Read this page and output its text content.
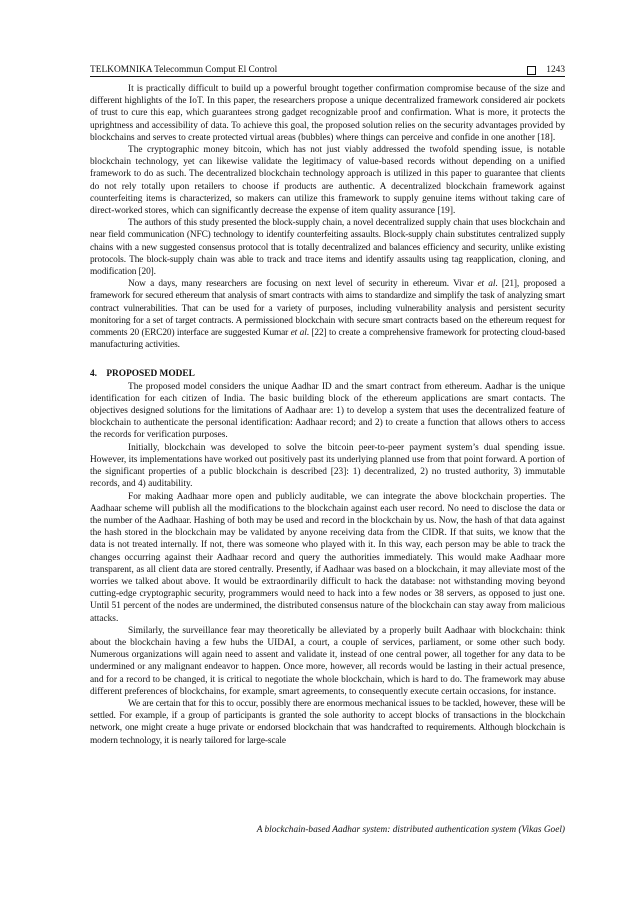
TELKOMNIKA Telecommun Comput El Control	1243

It is practically difficult to build up a powerful brought together confirmation compromise because of the size and different highlights of the IoT. In this paper, the researchers propose a unique decentralized framework considered air pockets of trust to cure this eap, which guarantees strong gadget recognizable proof and confirmation. What is more, it protects the uprightness and accessibility of data. To achieve this goal, the proposed solution relies on the security advantages provided by blockchains and serves to create protected virtual areas (bubbles) where things can perceive and confide in one another [18].

The cryptographic money bitcoin, which has not just viably addressed the twofold spending issue, is notable blockchain technology, yet can likewise validate the legitimacy of value-based records without depending on a unified framework to do as such. The decentralized blockchain technology approach is utilized in this paper to guarantee that clients do not rely totally upon retailers to choose if products are authentic. A decentralized blockchain framework against counterfeiting items is characterized, so makers can utilize this framework to supply genuine items without taking care of direct-worked stores, which can significantly decrease the expense of item quality assurance [19].

The authors of this study presented the block-supply chain, a novel decentralized supply chain that uses blockchain and near field communication (NFC) technology to identify counterfeiting assaults. Block-supply chain substitutes centralized supply chains with a new suggested consensus protocol that is totally decentralized and balances efficiency and security, unlike existing protocols. The block-supply chain was able to track and trace items and identify assaults using tag reapplication, cloning, and modification [20].

Now a days, many researchers are focusing on next level of security in ethereum. Vivar et al. [21], proposed a framework for secured ethereum that analysis of smart contracts with aims to standardize and simplify the task of analyzing smart contract vulnerabilities. That can be used for a variety of purposes, including vulnerability analysis and persistent security monitoring for a set of target contracts. A permissioned blockchain with secure smart contracts based on the ethereum request for comments 20 (ERC20) interface are suggested Kumar et al. [22] to create a comprehensive framework for protecting cloud-based manufacturing activities.

4. PROPOSED MODEL

The proposed model considers the unique Aadhar ID and the smart contract from ethereum. Aadhar is the unique identification for each citizen of India. The basic building block of the ethereum applications are smart contacts. The objectives designed solutions for the limitations of Aadhaar are: 1) to develop a system that uses the decentralized feature of blockchain to authenticate the personal identification: Aadhaar record; and 2) to create a function that allows others to access the records for verification purposes.

Initially, blockchain was developed to solve the bitcoin peer-to-peer payment system’s dual spending issue. However, its implementations have worked out positively past its underlying planned use from that point forward. A portion of the significant properties of a public blockchain is described [23]: 1) decentralized, 2) no trusted authority, 3) immutable records, and 4) auditability.

For making Aadhaar more open and publicly auditable, we can integrate the above blockchain properties. The Aadhaar scheme will publish all the modifications to the blockchain against each user record. No need to disclose the data or the number of the Aadhaar. Hashing of both may be used and record in the blockchain by us. Now, the hash of that data against the hash stored in the blockchain may be validated by anyone receiving data from the CIDR. If that suits, we know that the data is not treated internally. If not, there was someone who played with it. In this way, each person may be able to track the changes occurring against their Aadhaar record and query the authorities immediately. This would make Aadhaar more transparent, as all client data are stored centrally. Presently, if Aadhaar was based on a blockchain, it may alleviate most of the worries we talked about above. It would be extraordinarily difficult to hack the database: not withstanding moving beyond cutting-edge cryptographic security, programmers would need to hack into a few nodes or 38 servers, as opposed to just one. Until 51 percent of the nodes are undermined, the distributed consensus nature of the blockchain can stay away from malicious attacks.

Similarly, the surveillance fear may theoretically be alleviated by a properly built Aadhaar with blockchain: think about the blockchain having a few hubs the UIDAI, a court, a couple of services, parliament, or some other such body. Numerous organizations will again need to assent and validate it, instead of one central power, all together for any data to be undermined or any malignant endeavor to happen. Once more, however, all records would be lasting in their actual presence, and for a record to be changed, it is critical to negotiate the whole blockchain, which is hard to do. The framework may abuse different preferences of blockchains, for example, smart agreements, to consequently execute certain occasions, for instance.

We are certain that for this to occur, possibly there are enormous mechanical issues to be tackled, however, these will be settled. For example, if a group of participants is granted the sole authority to accept blocks of transactions in the blockchain network, one might create a huge private or endorsed blockchain that was handcrafted to requirements. Although blockchain is modern technology, it is nearly tailored for large-scale

A blockchain-based Aadhar system: distributed authentication system (Vikas Goel)
